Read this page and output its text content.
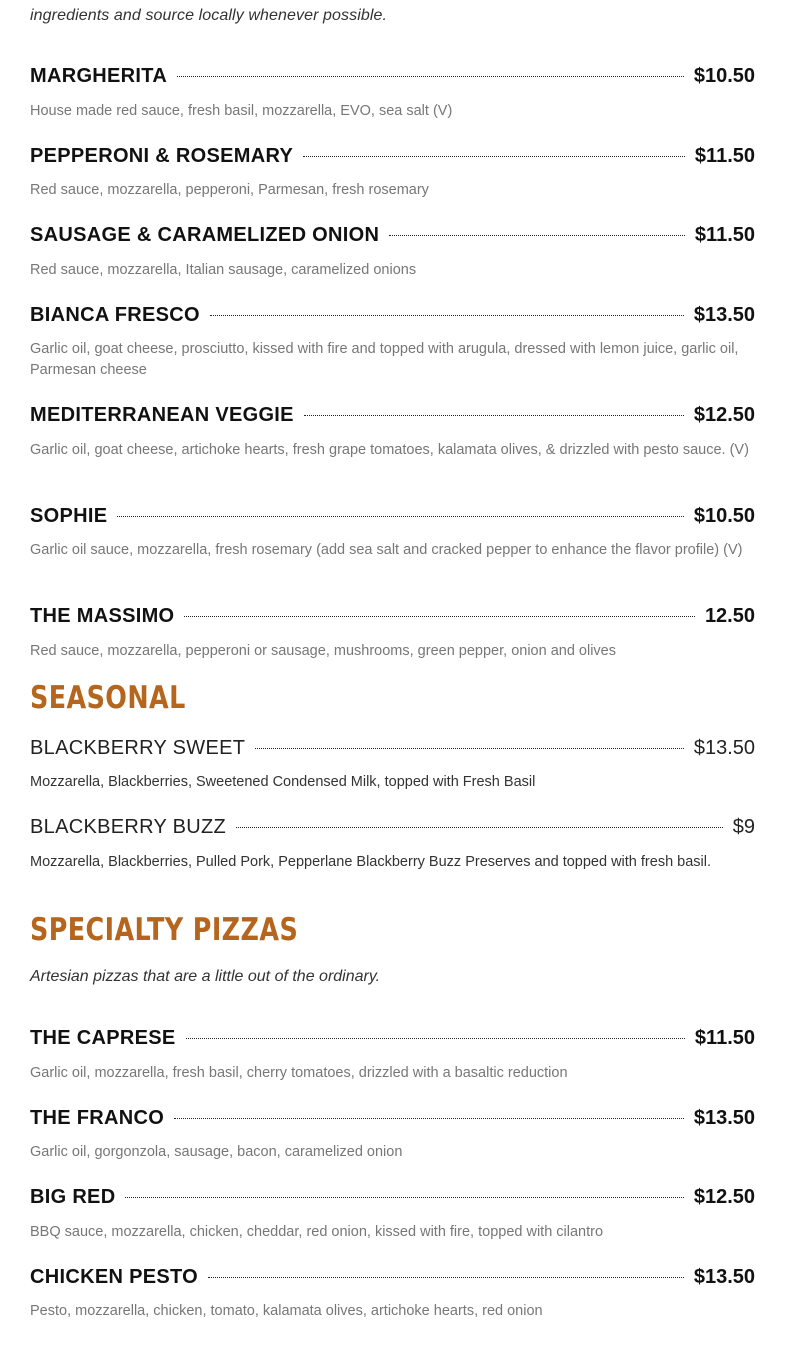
ingredients and source locally whenever possible.
MARGHERITA	$10.50
House made red sauce, fresh basil, mozzarella, EVO, sea salt (V)
PEPPERONI & ROSEMARY	$11.50
Red sauce, mozzarella, pepperoni, Parmesan, fresh rosemary
SAUSAGE & CARAMELIZED ONION	$11.50
Red sauce, mozzarella, Italian sausage, caramelized onions
BIANCA FRESCO	$13.50
Garlic oil, goat cheese, prosciutto, kissed with fire and topped with arugula, dressed with lemon juice, garlic oil, Parmesan cheese
MEDITERRANEAN VEGGIE	$12.50
Garlic oil, goat cheese, artichoke hearts, fresh grape tomatoes, kalamata olives, & drizzled with pesto sauce. (V)
SOPHIE	$10.50
Garlic oil sauce, mozzarella, fresh rosemary (add sea salt and cracked pepper to enhance the flavor profile) (V)
THE MASSIMO	12.50
Red sauce, mozzarella, pepperoni or sausage, mushrooms, green pepper, onion and olives
SEASONAL
BLACKBERRY SWEET	$13.50
Mozzarella, Blackberries, Sweetened Condensed Milk, topped with Fresh Basil
BLACKBERRY BUZZ	$9
Mozzarella, Blackberries, Pulled Pork, Pepperlane Blackberry Buzz Preserves and topped with fresh basil.
SPECIALTY PIZZAS
Artesian pizzas that are a little out of the ordinary.
THE CAPRESE	$11.50
Garlic oil, mozzarella, fresh basil, cherry tomatoes, drizzled with a basaltic reduction
THE FRANCO	$13.50
Garlic oil, gorgonzola, sausage, bacon, caramelized onion
BIG RED	$12.50
BBQ sauce, mozzarella, chicken, cheddar, red onion, kissed with fire, topped with cilantro
CHICKEN PESTO	$13.50
Pesto, mozzarella, chicken, tomato, kalamata olives, artichoke hearts, red onion
